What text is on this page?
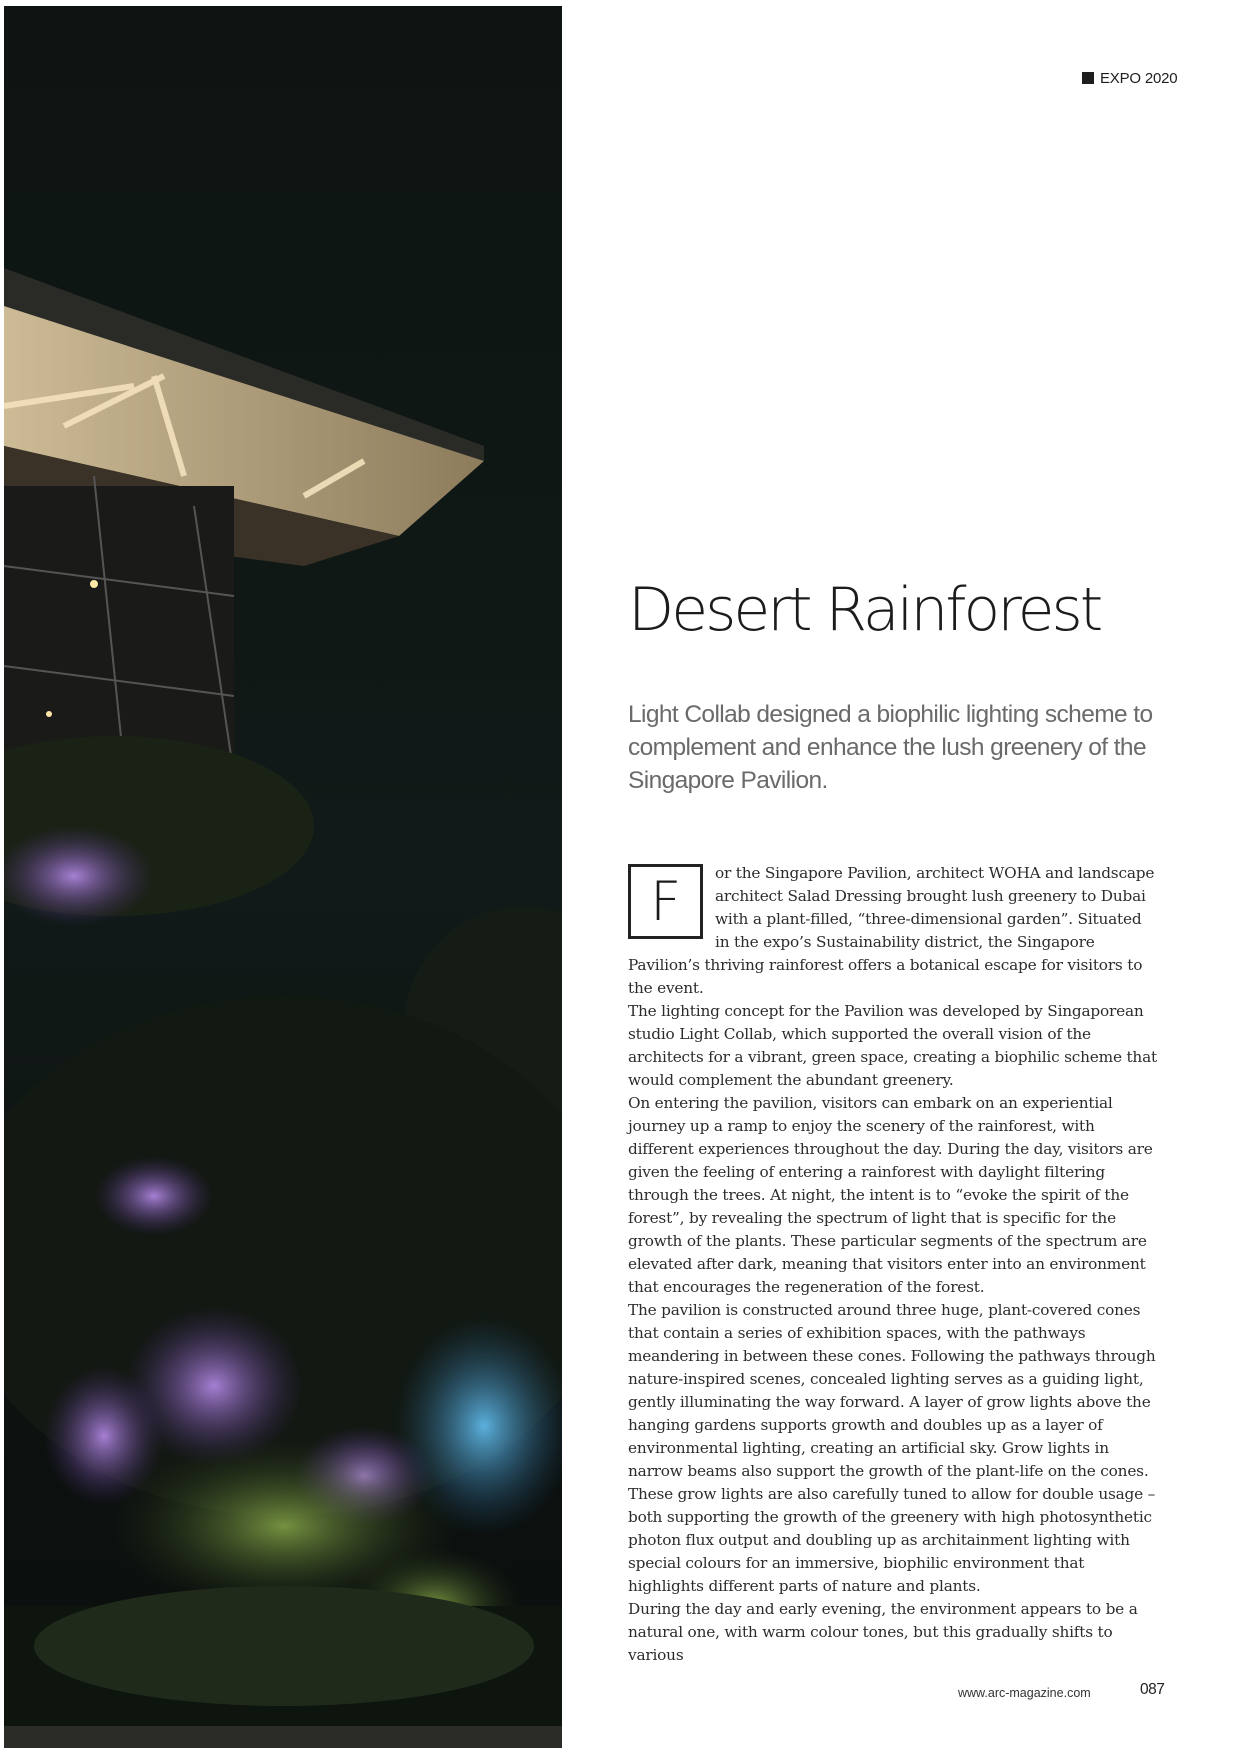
EXPO 2020
Desert Rainforest

Light Collab designed a biophilic lighting scheme to complement and enhance the lush greenery of the Singapore Pavilion.

F	or the Singapore Pavilion, architect WOHA and landscape architect Salad Dressing brought lush greenery to Dubai with a plant-filled, “three-dimensional garden”. Situated in the expo’s Sustainability district, the Singapore Pavilion’s thriving rainforest offers a botanical escape for visitors to the event.

The lighting concept for the Pavilion was developed by Singaporean studio Light Collab, which supported the overall vision of the architects for a vibrant, green space, creating a biophilic scheme that would complement the abundant greenery.

On entering the pavilion, visitors can embark on an experiential journey up a ramp to enjoy the scenery of the rainforest, with different experiences throughout the day. During the day, visitors are given the feeling of entering a rainforest with daylight filtering through the trees. At night, the intent is to “evoke the spirit of the forest”, by revealing the spectrum of light that is specific for the growth of the plants. These particular segments of the spectrum are elevated after dark, meaning that visitors enter into an environment that encourages the regeneration of the forest.

The pavilion is constructed around three huge, plant-covered cones that contain a series of exhibition spaces, with the pathways meandering in between these cones. Following the pathways through nature-inspired scenes, concealed lighting serves as a guiding light, gently illuminating the way forward. A layer of grow lights above the hanging gardens supports growth and doubles up as a layer of environmental lighting, creating an artificial sky. Grow lights in narrow beams also support the growth of the plant-life on the cones.

These grow lights are also carefully tuned to allow for double usage – both supporting the growth of the greenery with high photosynthetic photon flux output and doubling up as architainment lighting with special colours for an immersive, biophilic environment that highlights different parts of nature and plants.

During the day and early evening, the environment appears to be a natural one, with warm colour tones, but this gradually shifts to various

www.arc-magazine.com	087
